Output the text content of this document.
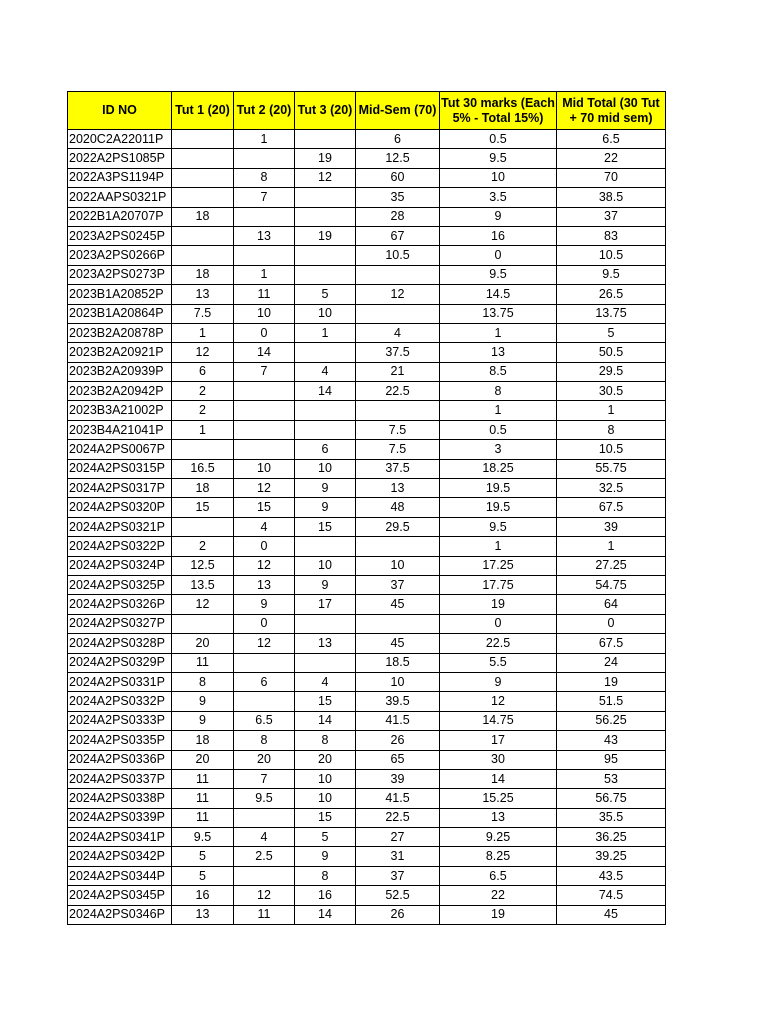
ID NO	Tut 1 (20)	Tut 2 (20)	Tut 3 (20)	Mid-Sem (70)	Tut 30 marks (Each 5% - Total 15%)	Mid Total (30 Tut + 70 mid sem)
2020C2A22011P		1		6	0.5	6.5
2022A2PS1085P			19	12.5	9.5	22
2022A3PS1194P		8	12	60	10	70
2022AAPS0321P		7		35	3.5	38.5
2022B1A20707P	18			28	9	37
2023A2PS0245P		13	19	67	16	83
2023A2PS0266P				10.5	0	10.5
2023A2PS0273P	18	1			9.5	9.5
2023B1A20852P	13	11	5	12	14.5	26.5
2023B1A20864P	7.5	10	10		13.75	13.75
2023B2A20878P	1	0	1	4	1	5
2023B2A20921P	12	14		37.5	13	50.5
2023B2A20939P	6	7	4	21	8.5	29.5
2023B2A20942P	2		14	22.5	8	30.5
2023B3A21002P	2				1	1
2023B4A21041P	1			7.5	0.5	8
2024A2PS0067P			6	7.5	3	10.5
2024A2PS0315P	16.5	10	10	37.5	18.25	55.75
2024A2PS0317P	18	12	9	13	19.5	32.5
2024A2PS0320P	15	15	9	48	19.5	67.5
2024A2PS0321P		4	15	29.5	9.5	39
2024A2PS0322P	2	0			1	1
2024A2PS0324P	12.5	12	10	10	17.25	27.25
2024A2PS0325P	13.5	13	9	37	17.75	54.75
2024A2PS0326P	12	9	17	45	19	64
2024A2PS0327P		0			0	0
2024A2PS0328P	20	12	13	45	22.5	67.5
2024A2PS0329P	11			18.5	5.5	24
2024A2PS0331P	8	6	4	10	9	19
2024A2PS0332P	9		15	39.5	12	51.5
2024A2PS0333P	9	6.5	14	41.5	14.75	56.25
2024A2PS0335P	18	8	8	26	17	43
2024A2PS0336P	20	20	20	65	30	95
2024A2PS0337P	11	7	10	39	14	53
2024A2PS0338P	11	9.5	10	41.5	15.25	56.75
2024A2PS0339P	11		15	22.5	13	35.5
2024A2PS0341P	9.5	4	5	27	9.25	36.25
2024A2PS0342P	5	2.5	9	31	8.25	39.25
2024A2PS0344P	5		8	37	6.5	43.5
2024A2PS0345P	16	12	16	52.5	22	74.5
2024A2PS0346P	13	11	14	26	19	45
